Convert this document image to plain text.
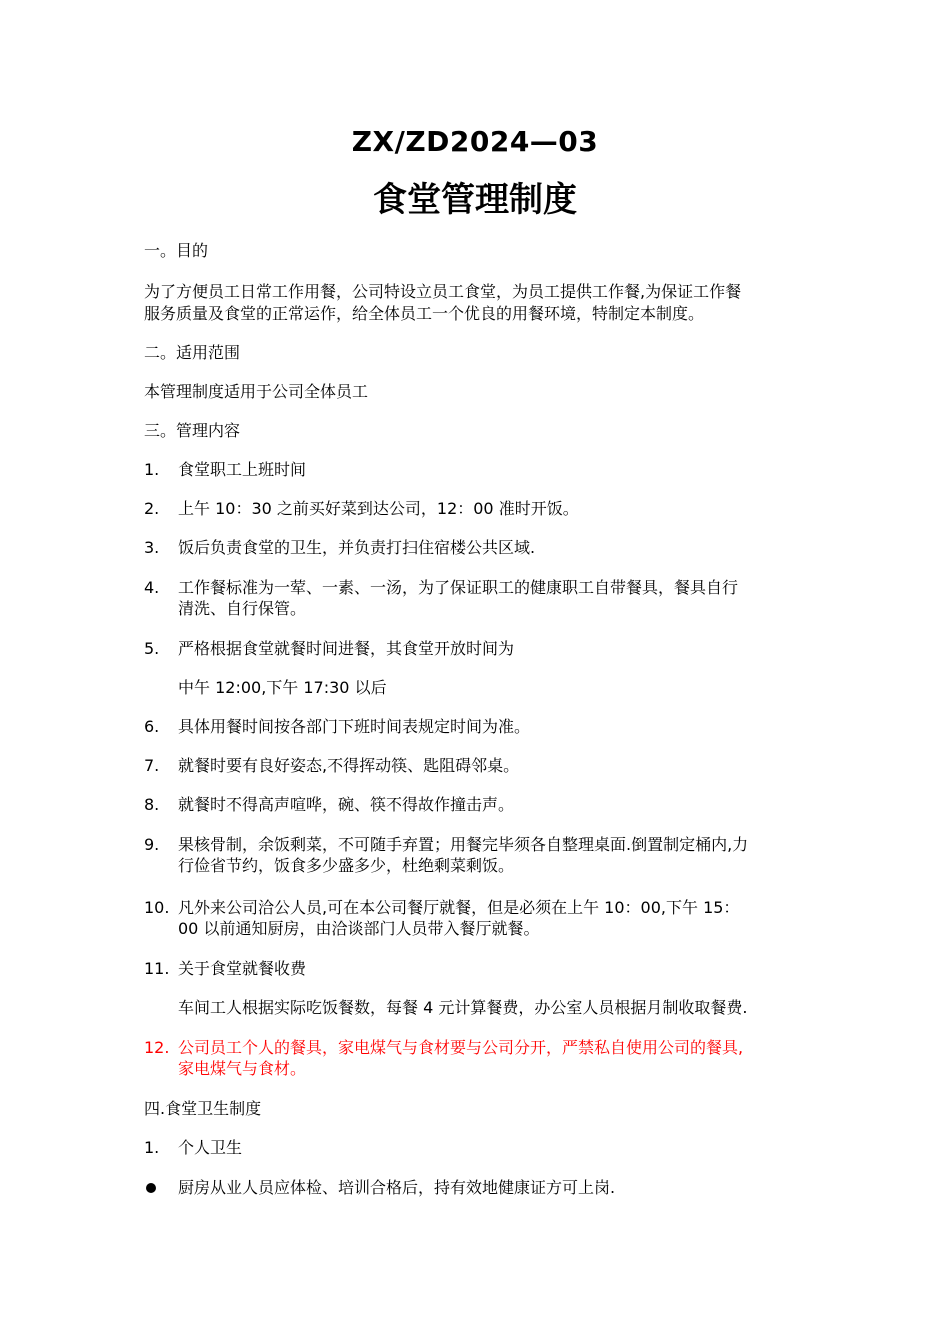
ZX/ZD2024—03
食堂管理制度
一。目的
为了方便员工日常工作用餐，公司特设立员工食堂，为员工提供工作餐,为保证工作餐
服务质量及食堂的正常运作，给全体员工一个优良的用餐环境，特制定本制度。
二。适用范围
本管理制度适用于公司全体员工
三。管理内容
1. 食堂职工上班时间
2. 上午 10：30 之前买好菜到达公司，12：00 准时开饭。
3. 饭后负责食堂的卫生，并负责打扫住宿楼公共区域.
4. 工作餐标准为一荤、一素、一汤，为了保证职工的健康职工自带餐具，餐具自行
清洗、自行保管。
5. 严格根据食堂就餐时间进餐，其食堂开放时间为
中午 12:00,下午 17:30 以后
6. 具体用餐时间按各部门下班时间表规定时间为准。
7. 就餐时要有良好姿态,不得挥动筷、匙阻碍邻桌。
8. 就餐时不得高声喧哗，碗、筷不得故作撞击声。
9. 果核骨制，余饭剩菜，不可随手弃置；用餐完毕须各自整理桌面.倒置制定桶内,力
行俭省节约，饭食多少盛多少，杜绝剩菜剩饭。
10. 凡外来公司洽公人员,可在本公司餐厅就餐，但是必须在上午 10：00,下午 15：
00 以前通知厨房，由洽谈部门人员带入餐厅就餐。
11. 关于食堂就餐收费
车间工人根据实际吃饭餐数，每餐 4 元计算餐费，办公室人员根据月制收取餐费.
12. 公司员工个人的餐具，家电煤气与食材要与公司分开，严禁私自使用公司的餐具,
家电煤气与食材。
四.食堂卫生制度
1. 个人卫生
厨房从业人员应体检、培训合格后，持有效地健康证方可上岗.
